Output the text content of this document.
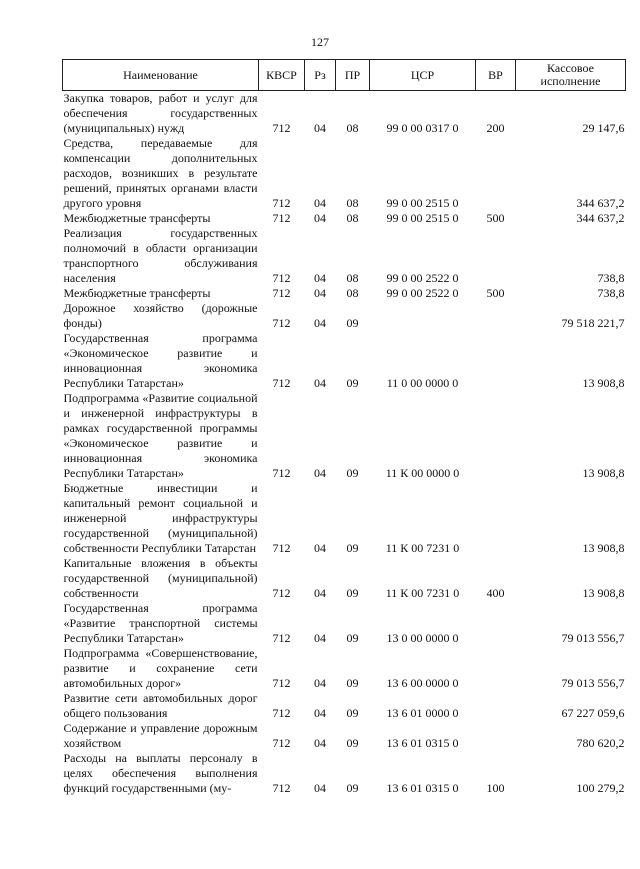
127
Наименование	КВСР	Рз	ПР	ЦСР	ВР	Кассовое исполнение
Закупка товаров, работ и услуг для обеспечения государственных (муниципальных) нужд	712	04	08	99 0 00 0317 0	200	29 147,6
Средства, передаваемые для компенсации дополнительных расходов, возникших в результате решений, принятых органами власти другого уровня	712	04	08	99 0 00 2515 0		344 637,2
Межбюджетные трансферты	712	04	08	99 0 00 2515 0	500	344 637,2
Реализация государственных полномочий в области организации транспортного обслуживания населения	712	04	08	99 0 00 2522 0		738,8
Межбюджетные трансферты	712	04	08	99 0 00 2522 0	500	738,8
Дорожное хозяйство (дорожные фонды)	712	04	09			79 518 221,7
Государственная программа «Экономическое развитие и инновационная экономика Республики Татарстан»	712	04	09	11 0 00 0000 0		13 908,8
Подпрограмма «Развитие социальной и инженерной инфраструктуры в рамках государственной программы «Экономическое развитие и инновационная экономика Республики Татарстан»	712	04	09	11 К 00 0000 0		13 908,8
Бюджетные инвестиции и капитальный ремонт социальной и инженерной инфраструктуры государственной (муниципальной) собственности Республики Татарстан	712	04	09	11 К 00 7231 0		13 908,8
Капитальные вложения в объекты государственной (муниципальной) собственности	712	04	09	11 К 00 7231 0	400	13 908,8
Государственная программа «Развитие транспортной системы Республики Татарстан»	712	04	09	13 0 00 0000 0		79 013 556,7
Подпрограмма «Совершенствование, развитие и сохранение сети автомобильных дорог»	712	04	09	13 6 00 0000 0		79 013 556,7
Развитие сети автомобильных дорог общего пользования	712	04	09	13 6 01 0000 0		67 227 059,6
Содержание и управление дорожным хозяйством	712	04	09	13 6 01 0315 0		780 620,2
Расходы на выплаты персоналу в целях обеспечения выполнения функций государственными (му-	712	04	09	13 6 01 0315 0	100	100 279,2
